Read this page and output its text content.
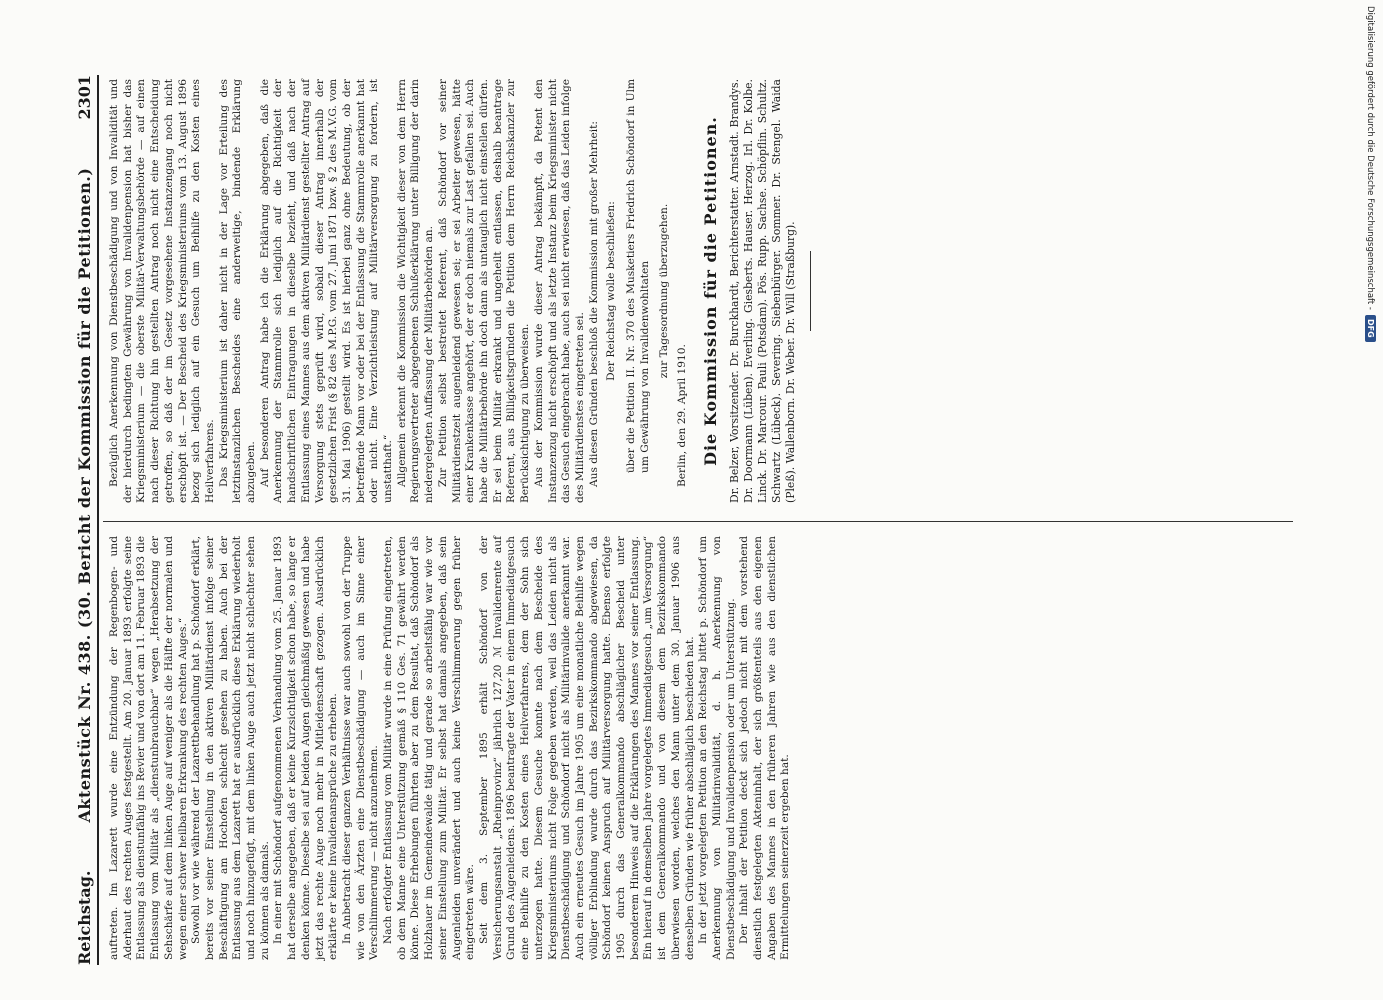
Reichstag.
Aktenstück Nr. 438. (30. Bericht der Kommission für die Petitionen.)
2301

auftreten. Im Lazarett wurde eine Entzündung der Regenbogen- und Aderhaut des rechten Auges festgestellt. Am 20. Januar 1893 erfolgte seine Entlassung als dienstunfähig ins Revier und von dort am 11. Februar 1893 die Entlassung vom Militär als „dienstunbrauchbar“ wegen „Herabsetzung der Sehschärfe auf dem linken Auge auf weniger als die Hälfte der normalen und wegen einer schwer heilbaren Erkrankung des rechten Auges.“ Sowohl vor wie während der Lazarettbehandlung hat p. Schöndorf erklärt, bereits vor seiner Einstellung in den aktiven Militärdienst infolge seiner Beschäftigung am Hochofen schlecht gesehen zu haben. Auch bei der Entlassung aus dem Lazarett hat er ausdrücklich diese Erklärung wiederholt und noch hinzugefügt, mit dem linken Auge auch jetzt nicht schlechter sehen zu können als damals. In einer mit Schöndorf aufgenommenen Verhandlung vom 25. Januar 1893 hat derselbe angegeben, daß er keine Kurzsichtigkeit schon habe, so lange er denken könne. Dieselbe sei auf beiden Augen gleichmäßig gewesen und habe jetzt das rechte Auge noch mehr in Mitleidenschaft gezogen. Ausdrücklich erklärte er keine Invalidenansprüche zu erheben. In Anbetracht dieser ganzen Verhältnisse war auch sowohl von der Truppe wie von den Ärzten eine Dienstbeschädigung — auch im Sinne einer Verschlimmerung — nicht anzunehmen. Nach erfolgter Entlassung vom Militär wurde in eine Prüfung eingetreten, ob dem Manne eine Unterstützung gemäß § 110 Ges. 71 gewährt werden könne. Diese Erhebungen führten aber zu dem Resultat, daß Schöndorf als Holzhauer im Gemeindewalde tätig und gerade so arbeitsfähig war wie vor seiner Einstellung zum Militär. Er selbst hat damals angegeben, daß sein Augenleiden unverändert und auch keine Verschlimmerung gegen früher eingetreten wäre. Seit dem 3. September 1895 erhält Schöndorf von der Versicherungsanstalt „Rheinprovinz“ jährlich 127,20 ℳ Invalidenrente auf Grund des Augenleidens. 1896 beantragte der Vater in einem Immediatgesuch eine Beihilfe zu den Kosten eines Heilverfahrens, dem der Sohn sich unterzogen hatte. Diesem Gesuche konnte nach dem Bescheide des Kriegsministeriums nicht Folge gegeben werden, weil das Leiden nicht als Dienstbeschädigung und Schöndorf nicht als Militärinvalide anerkannt war. Auch ein erneutes Gesuch im Jahre 1905 um eine monatliche Beihilfe wegen völliger Erblindung wurde durch das Bezirkskommando abgewiesen, da Schöndorf keinen Anspruch auf Militärversorgung hatte. Ebenso erfolgte 1905 durch das Generalkommando abschläglicher Bescheid unter besonderem Hinweis auf die Erklärungen des Mannes vor seiner Entlassung. Ein hierauf in demselben Jahre vorgelegtes Immediatgesuch „um Versorgung“ ist dem Generalkommando und von diesem dem Bezirkskommando überwiesen worden, welches den Mann unter dem 30. Januar 1906 aus denselben Gründen wie früher abschläglich beschieden hat. In der jetzt vorgelegten Petition an den Reichstag bittet p. Schöndorf um Anerkennung von Militärinvalidität, d. h. Anerkennung von Dienstbeschädigung und Invalidenpension oder um Unterstützung. Der Inhalt der Petition deckt sich jedoch nicht mit dem vorstehend dienstlich festgelegten Akteninhalt, der sich größtenteils aus den eigenen Angaben des Mannes in den früheren Jahren wie aus den dienstlichen Ermittelungen seinerzeit ergeben hat.

Bezüglich Anerkennung von Dienstbeschädigung und von Invalidität und der hierdurch bedingten Gewährung von Invalidenpension hat bisher das Kriegsministerium — die oberste Militär-Verwaltungsbehörde — auf einen nach dieser Richtung hin gestellten Antrag noch nicht eine Entscheidung getroffen, so daß der im Gesetz vorgesehene Instanzengang noch nicht erschöpft ist. — Der Bescheid des Kriegsministeriums vom 13. August 1896 bezog sich lediglich auf ein Gesuch um Beihilfe zu den Kosten eines Heilverfahrens. Das Kriegsministerium ist daher nicht in der Lage vor Erteilung des letztinstanzlichen Bescheides eine anderweitige, bindende Erklärung abzugeben. Auf besonderen Antrag habe ich die Erklärung abgegeben, daß die Anerkennung der Stammrolle sich lediglich auf die Richtigkeit der handschriftlichen Eintragungen in dieselbe bezieht, und daß nach der Entlassung eines Mannes aus dem aktiven Militärdienst gestellter Antrag auf Versorgung stets geprüft wird, sobald dieser Antrag innerhalb der gesetzlichen Frist (§ 82 des M.P.G. vom 27. Juni 1871 bzw. § 2 des M.V.G. vom 31. Mai 1906) gestellt wird. Es ist hierbei ganz ohne Bedeutung, ob der betreffende Mann vor oder bei der Entlassung die Stammrolle anerkannt hat oder nicht. Eine Verzichtleistung auf Militärversorgung zu fordern, ist unstatthaft.“ Allgemein erkennt die Kommission die Wichtigkeit dieser von dem Herrn Regierungsvertreter abgegebenen Schlußerklärung unter Billigung der darin niedergelegten Auffassung der Militärbehörden an. Zur Petition selbst bestreitet Referent, daß Schöndorf vor seiner Militärdienstzeit augenleidend gewesen sei; er sei Arbeiter gewesen, hätte einer Krankenkasse angehört, der er doch niemals zur Last gefallen sei. Auch habe die Militärbehörde ihn doch dann als untauglich nicht einstellen dürfen. Er sei beim Militär erkrankt und ungeheilt entlassen, deshalb beantrage Referent, aus Billigkeitsgründen die Petition dem Herrn Reichskanzler zur Berücksichtigung zu überweisen. Aus der Kommission wurde dieser Antrag bekämpft, da Petent den Instanzenzug nicht erschöpft und als letzte Instanz beim Kriegsminister nicht das Gesuch eingebracht habe, auch sei nicht erwiesen, daß das Leiden infolge des Militärdienstes eingetreten sei. Aus diesen Gründen beschloß die Kommission mit großer Mehrheit: Der Reichstag wolle beschließen: über die Petition II. Nr. 370 des Musketiers Friedrich Schöndorf in Ulm um Gewährung von Invalidenwohltaten zur Tagesordnung überzugehen.

Berlin, den 29. April 1910. Die Kommission für die Petitionen. Dr. Belzer, Vorsitzender. Dr. Burckhardt, Berichterstatter. Arnstadt. Brandys. Dr. Doormann (Lüben). Everling. Giesberts. Hauser. Herzog. Irl. Dr. Kolbe. Linck. Dr. Marcour. Pauli (Potsdam). Pös. Rupp. Sachse. Schöpflin. Schultz. Schwartz (Lübeck). Severing. Siebenbürger. Sommer. Dr. Stengel. Waida (Pleß). Wallenborn. Dr. Weber. Dr. Will (Straßburg).
Digitalisierung gefördert durch die Deutsche Forschungsgemeinschaft -
DFG
